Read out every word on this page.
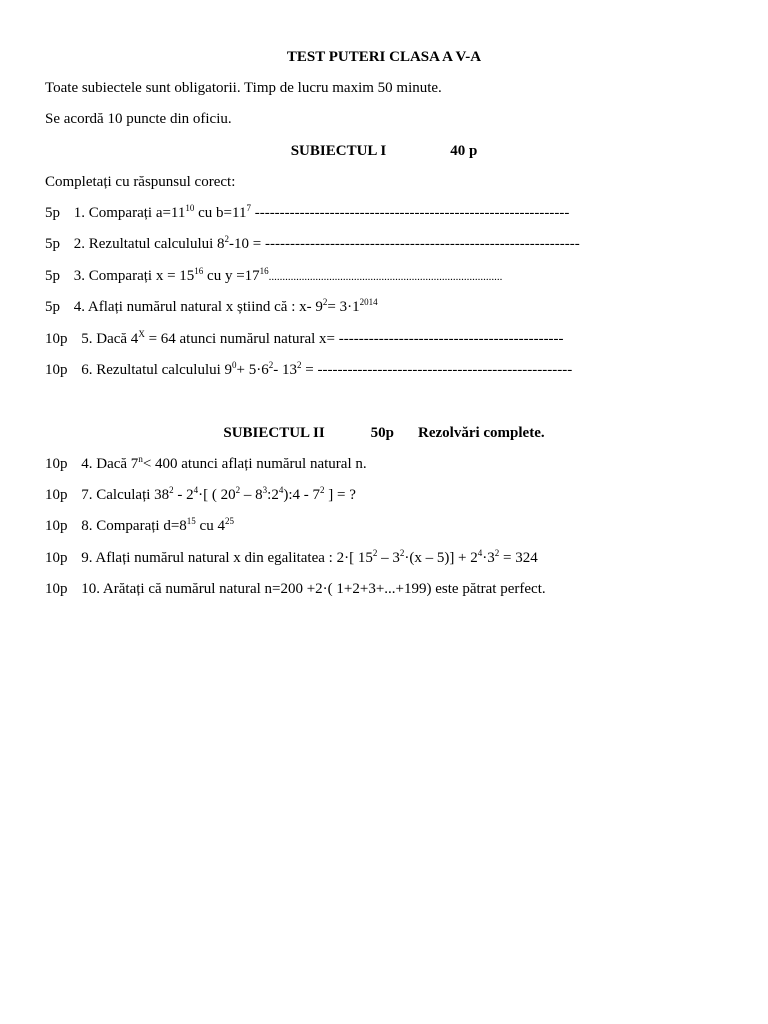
TEST PUTERI CLASA A V-A
Toate subiectele sunt obligatorii. Timp de lucru maxim 50 minute.
Se acordă 10 puncte din oficiu.
SUBIECTUL I	40 p
Completați cu răspunsul corect:
5p 1. Comparați $a=11^{10}$ cu $b=11^7$ ---------------------------------------------------------------
5p 2. Rezultatul calculului $8^2-10$ = ---------------------------------------------------------------
5p 3. Comparați $x = 15^{16}$ cu $y =17^{16}$.....................................................................................
5p 4. Aflați numărul natural x știind că : x- $9^2= 3\cdot 1^{2014}$
10p 5. Dacă $4^X = 64$ atunci numărul natural x= ---------------------------------------------
10p 6. Rezultatul calculului $9^0+ 5\cdot 6^2-$ $13^2$ = ---------------------------------------------------
SUBIECTUL II	50p Rezolvări complete.
10p 4. Dacă $7^n< 400$ atunci aflați numărul natural n.
10p 7. Calculați $38^2 - 2^4\cdot$[ ( $20^2$ – $8^3:2^4):4 - 7^2$ ] = ?
10p 8. Comparați $d=8^{15}$ cu $4^{25}$
10p 9. Aflați numărul natural x din egalitatea : 2·[ $15^2 - 3^2\cdot(x - 5)] + 2^4\cdot 3^2 = 324$
10p 10. Arătați că numărul natural n=200 +2·( 1+2+3+...+199) este pătrat perfect.
